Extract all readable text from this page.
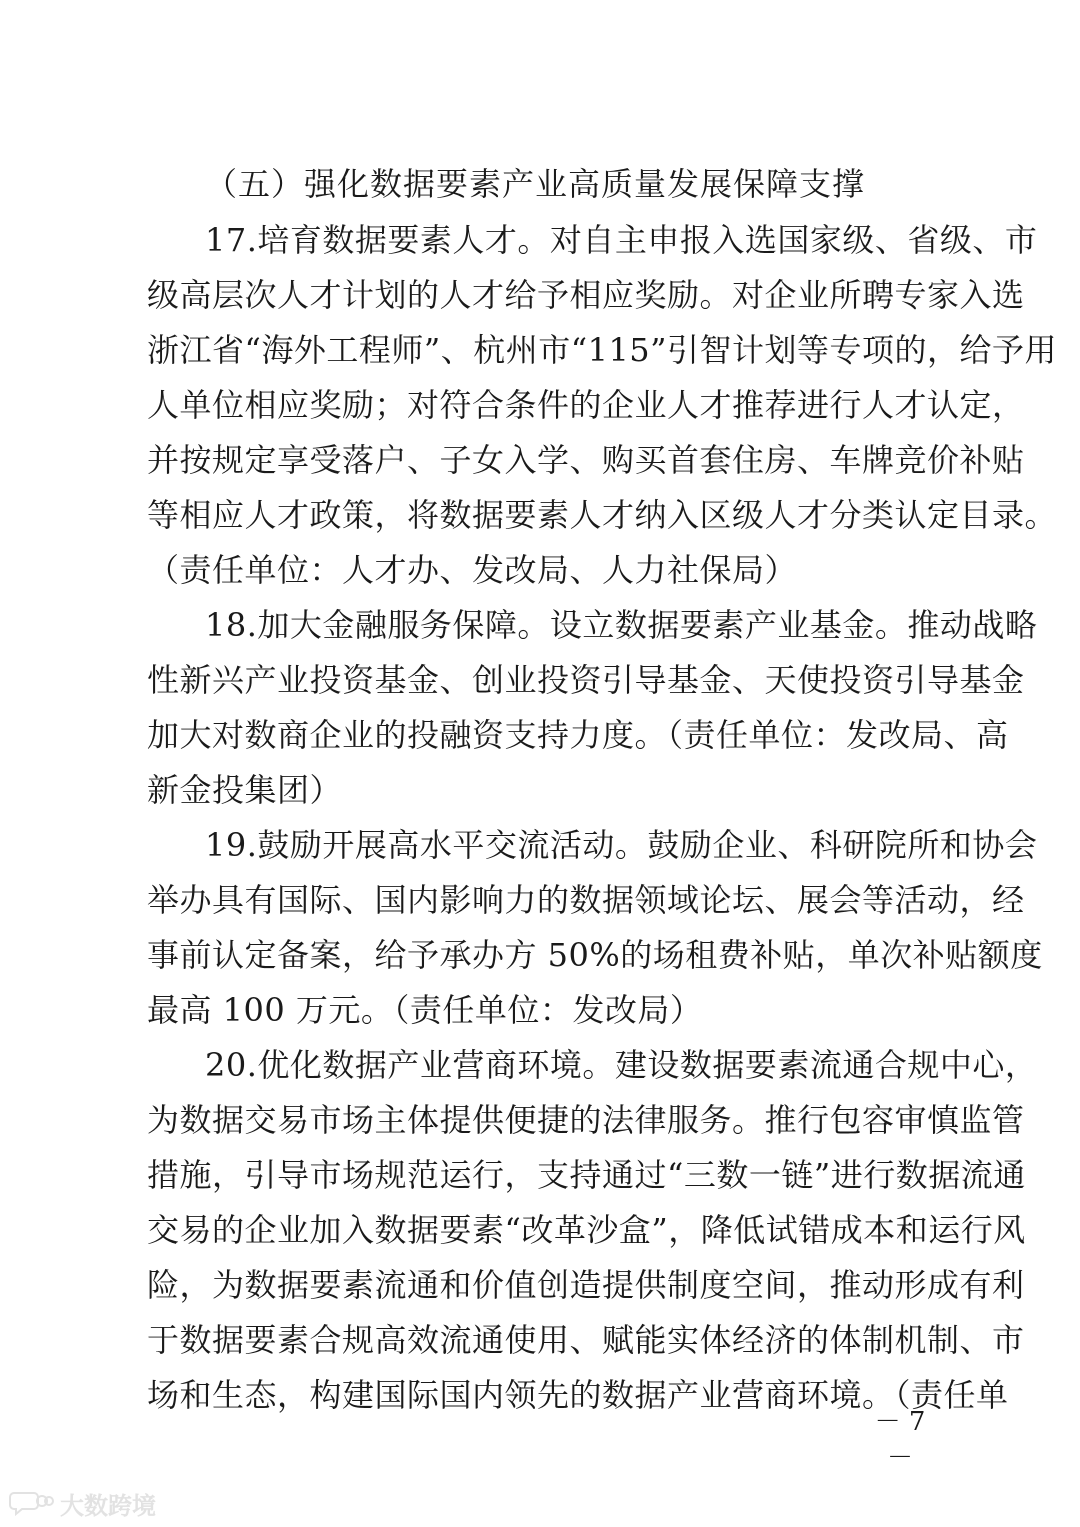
（五）强化数据要素产业高质量发展保障支撑
17.培育数据要素人才。对自主申报入选国家级、省级、市
级高层次人才计划的人才给予相应奖励。对企业所聘专家入选
浙江省“海外工程师”、杭州市“115”引智计划等专项的，给予用
人单位相应奖励；对符合条件的企业人才推荐进行人才认定，
并按规定享受落户、子女入学、购买首套住房、车牌竞价补贴
等相应人才政策，将数据要素人才纳入区级人才分类认定目录。
（责任单位：人才办、发改局、人力社保局）
18.加大金融服务保障。设立数据要素产业基金。推动战略
性新兴产业投资基金、创业投资引导基金、天使投资引导基金
加大对数商企业的投融资支持力度。（责任单位：发改局、高
新金投集团）
19.鼓励开展高水平交流活动。鼓励企业、科研院所和协会
举办具有国际、国内影响力的数据领域论坛、展会等活动，经
事前认定备案，给予承办方 50%的场租费补贴，单次补贴额度
最高 100 万元。（责任单位：发改局）
20.优化数据产业营商环境。建设数据要素流通合规中心，
为数据交易市场主体提供便捷的法律服务。推行包容审慎监管
措施，引导市场规范运行，支持通过“三数一链”进行数据流通
交易的企业加入数据要素“改革沙盒”，降低试错成本和运行风
险，为数据要素流通和价值创造提供制度空间，推动形成有利
于数据要素合规高效流通使用、赋能实体经济的体制机制、市
场和生态，构建国际国内领先的数据产业营商环境。（责任单
－ 7 －
大数跨境
